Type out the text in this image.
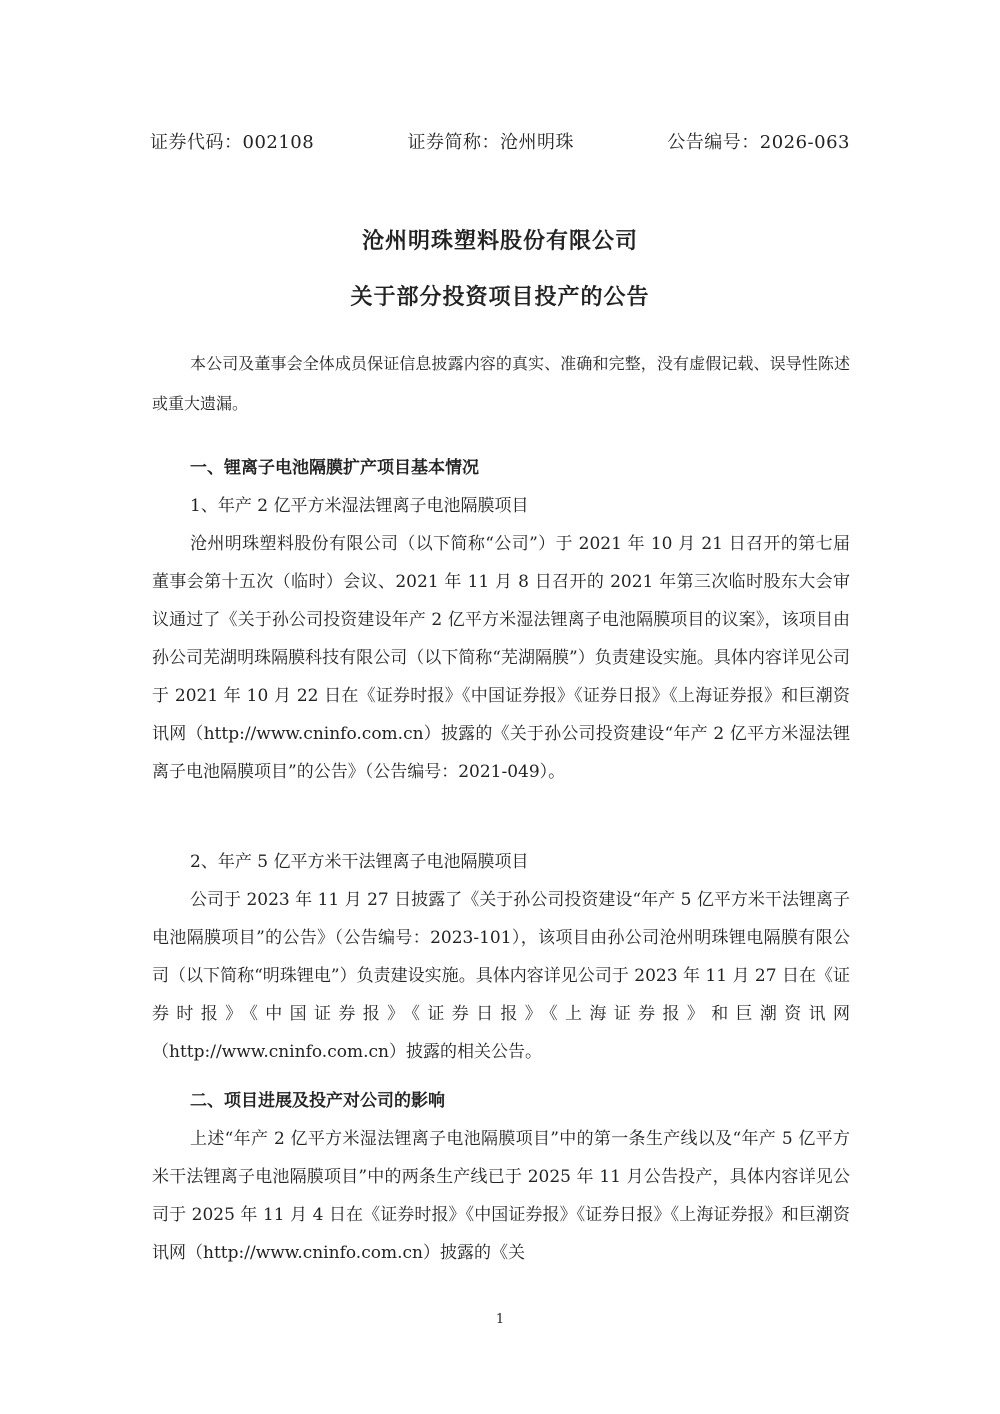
证券代码：002108	证券简称：沧州明珠	公告编号：2026-063
沧州明珠塑料股份有限公司
关于部分投资项目投产的公告
本公司及董事会全体成员保证信息披露内容的真实、准确和完整，没有虚假记载、误导性陈述或重大遗漏。
一、锂离子电池隔膜扩产项目基本情况
1、年产 2 亿平方米湿法锂离子电池隔膜项目
沧州明珠塑料股份有限公司（以下简称“公司”）于 2021 年 10 月 21 日召开的第七届董事会第十五次（临时）会议、2021 年 11 月 8 日召开的 2021 年第三次临时股东大会审议通过了《关于孙公司投资建设年产 2 亿平方米湿法锂离子电池隔膜项目的议案》，该项目由孙公司芜湖明珠隔膜科技有限公司（以下简称“芜湖隔膜”）负责建设实施。具体内容详见公司于 2021 年 10 月 22 日在《证券时报》《中国证券报》《证券日报》《上海证券报》和巨潮资讯网（http://www.cninfo.com.cn）披露的《关于孙公司投资建设“年产 2 亿平方米湿法锂离子电池隔膜项目”的公告》（公告编号：2021-049）。
2、年产 5 亿平方米干法锂离子电池隔膜项目
公司于 2023 年 11 月 27 日披露了《关于孙公司投资建设“年产 5 亿平方米干法锂离子电池隔膜项目”的公告》（公告编号：2023-101），该项目由孙公司沧州明珠锂电隔膜有限公司（以下简称“明珠锂电”）负责建设实施。具体内容详见公司于 2023 年 11 月 27 日在《证券时报》《中国证券报》《证券日报》《上海证券报》和巨潮资讯网（http://www.cninfo.com.cn）披露的相关公告。
二、项目进展及投产对公司的影响
上述“年产 2 亿平方米湿法锂离子电池隔膜项目”中的第一条生产线以及“年产 5 亿平方米干法锂离子电池隔膜项目”中的两条生产线已于 2025 年 11 月公告投产，具体内容详见公司于 2025 年 11 月 4 日在《证券时报》《中国证券报》《证券日报》《上海证券报》和巨潮资讯网（http://www.cninfo.com.cn）披露的《关
1
